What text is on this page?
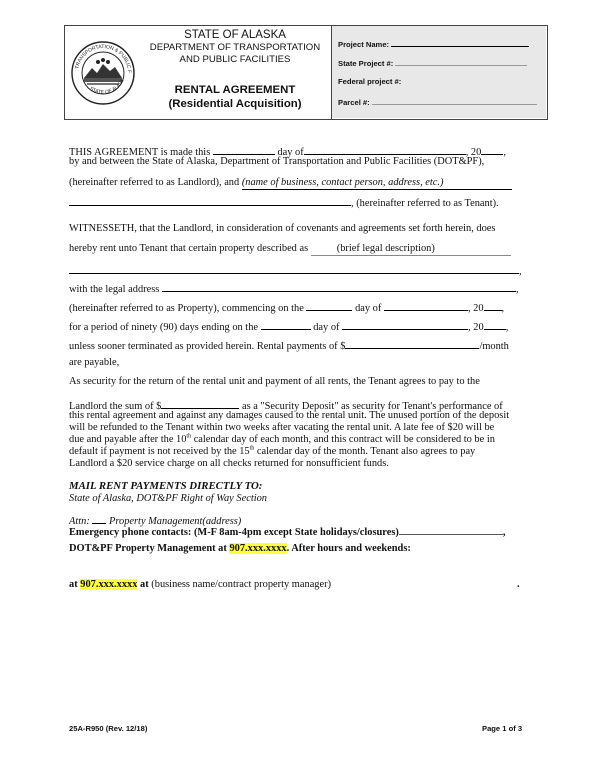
TRANSPORTATION & PUBLIC F
STATE OF ALASK
STATE OF ALASKA
DEPARTMENT OF TRANSPORTATION
AND PUBLIC FACILITIES
RENTAL AGREEMENT
(Residential Acquisition)
Project Name:
State Project #:
Federal project #:
Parcel #:
THIS AGREEMENT is made this	day of	, 20 ,
by and between the State of Alaska, Department of Transportation and Public Facilities (DOT&PF),
(hereinafter referred to as Landlord), and (name of business, contact person, address, etc.)
, (hereinafter referred to as Tenant).
WITNESSETH, that the Landlord, in consideration of covenants and agreements set forth herein, does
hereby rent unto Tenant that certain property described as	(brief legal description)
,
with the legal address	,
(hereinafter referred to as Property), commencing on the	day of	, 20 ,
for a period of ninety (90) days ending on the	day of	, 20 ,
unless sooner terminated as provided herein. Rental payments of $	/month
are payable,
As security for the return of the rental unit and payment of all rents, the Tenant agrees to pay to the
Landlord the sum of $	as a "Security Deposit" as security for Tenant's performance of
this rental agreement and against any damages caused to the rental unit. The unused portion of the deposit
will be refunded to the Tenant within two weeks after vacating the rental unit. A late fee of $20 will be
due and payable after the 10th calendar day of each month, and this contract will be considered to be in
default if payment is not received by the 15th calendar day of the month. Tenant also agrees to pay
Landlord a $20 service charge on all checks returned for nonsufficient funds.
MAIL RENT PAYMENTS DIRECTLY TO:
State of Alaska, DOT&PF Right of Way Section
Attn: Property Management(address)
Emergency phone contacts: (M-F 8am-4pm except State holidays/closures)	,
DOT&PF Property Management at 907.xxx.xxxx. After hours and weekends:
at 907.xxx.xxxx at (business name/contract property manager)	.
25A-R950 (Rev. 12/18)	Page 1 of 3
